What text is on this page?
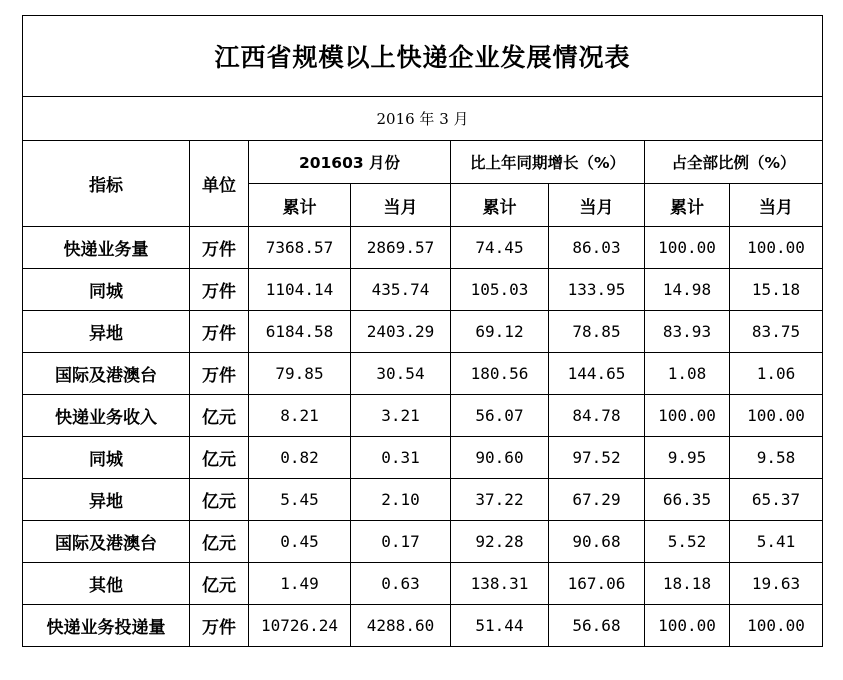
江西省规模以上快递企业发展情况表							
2016 年 3 月							
指标	单位	201603 月份		比上年同期增长（%）		占全部比例（%）	
		累计	当月	累计	当月	累计	当月
快递业务量	万件	7368.57	2869.57	74.45	86.03	100.00	100.00
同城	万件	1104.14	435.74	105.03	133.95	14.98	15.18
异地	万件	6184.58	2403.29	69.12	78.85	83.93	83.75
国际及港澳台	万件	79.85	30.54	180.56	144.65	1.08	1.06
快递业务收入	亿元	8.21	3.21	56.07	84.78	100.00	100.00
同城	亿元	0.82	0.31	90.60	97.52	9.95	9.58
异地	亿元	5.45	2.10	37.22	67.29	66.35	65.37
国际及港澳台	亿元	0.45	0.17	92.28	90.68	5.52	5.41
其他	亿元	1.49	0.63	138.31	167.06	18.18	19.63
快递业务投递量	万件	10726.24	4288.60	51.44	56.68	100.00	100.00
